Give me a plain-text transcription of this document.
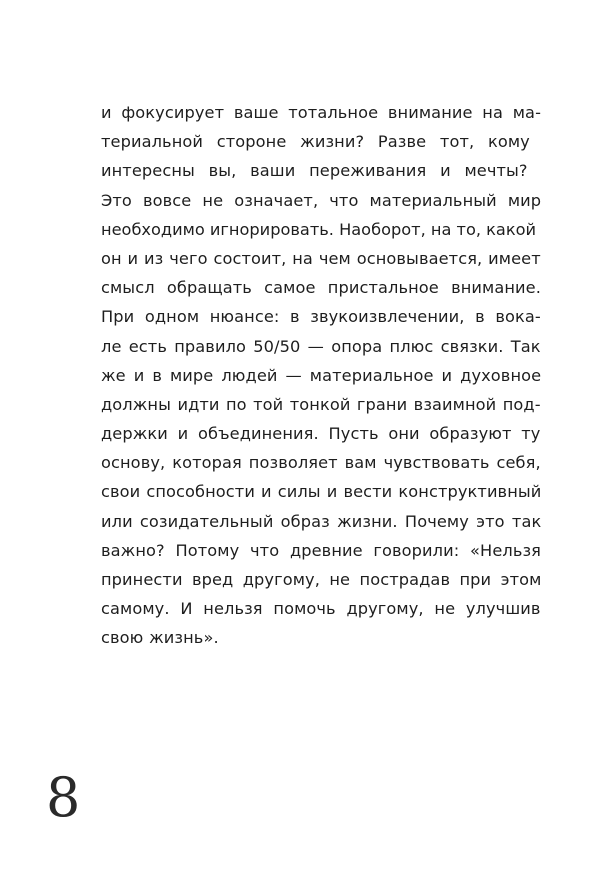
и фокусирует ваше тотальное внимание на ма-
териальной стороне жизни? Разве тот, кому
интересны вы, ваши переживания и мечты?
Это вовсе не означает, что материальный мир
необходимо игнорировать. Наоборот, на то, какой
он и из чего состоит, на чем основывается, имеет
смысл обращать самое пристальное внимание.
При одном нюансе: в звукоизвлечении, в вока-
ле есть правило 50/50 — опора плюс связки. Так
же и в мире людей — материальное и духовное
должны идти по той тонкой грани взаимной под-
держки и объединения. Пусть они образуют ту
основу, которая позволяет вам чувствовать себя,
свои способности и силы и вести конструктивный
или созидательный образ жизни. Почему это так
важно? Потому что древние говорили: «Нельзя
принести вред другому, не пострадав при этом
самому. И нельзя помочь другому, не улучшив
свою жизнь».
8
